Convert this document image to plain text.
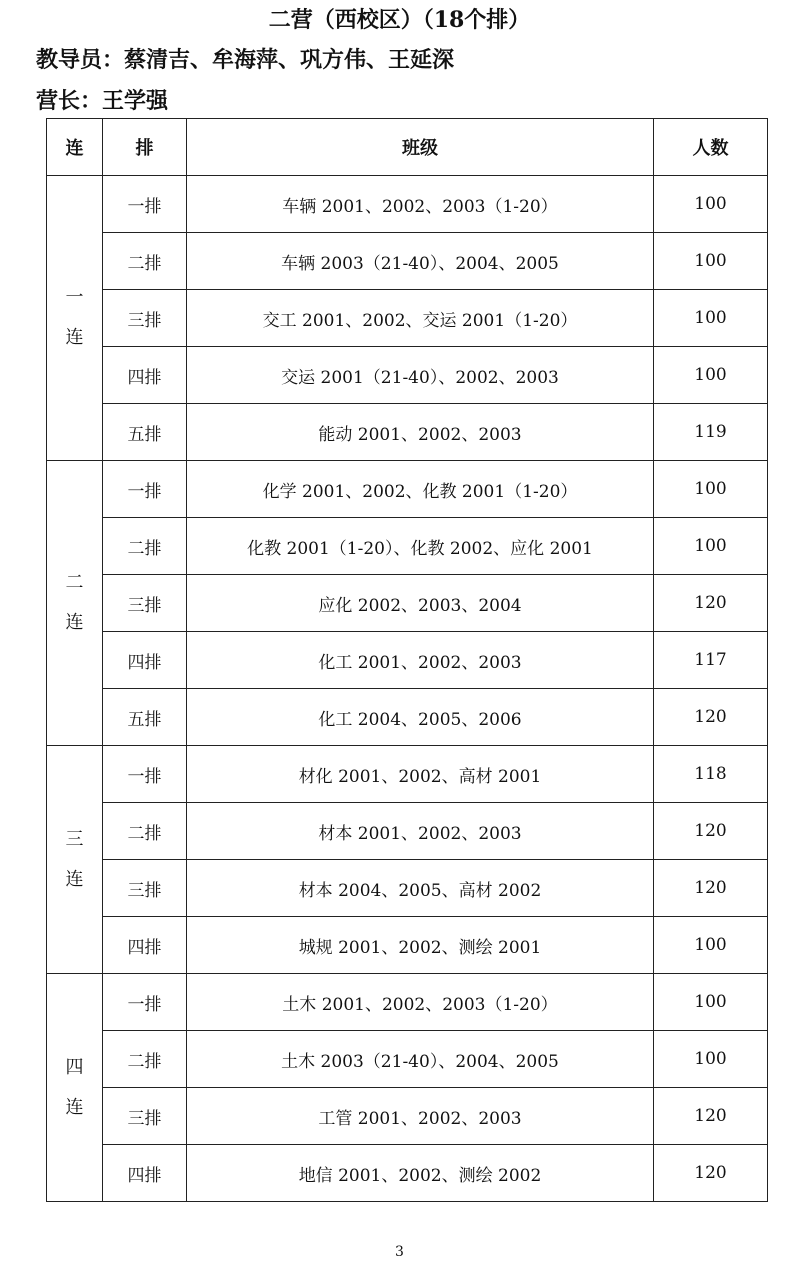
二营（西校区）（18个排）
教导员：蔡清吉、牟海萍、巩方伟、王延深
营长：王学强
连	排	班级	人数

一
连	一排	车辆 2001、2002、2003（1-20）	100
	二排	车辆 2003（21-40）、2004、2005	100
	三排	交工 2001、2002、交运 2001（1-20）	100
	四排	交运 2001（21-40）、2002、2003	100
	五排	能动 2001、2002、2003	119

二
连	一排	化学 2001、2002、化教 2001（1-20）	100
	二排	化教 2001（1-20）、化教 2002、应化 2001	100
	三排	应化 2002、2003、2004	120
	四排	化工 2001、2002、2003	117
	五排	化工 2004、2005、2006	120

三
连	一排	材化 2001、2002、高材 2001	118
	二排	材本 2001、2002、2003	120
	三排	材本 2004、2005、高材 2002	120
	四排	城规 2001、2002、测绘 2001	100

四
连	一排	土木 2001、2002、2003（1-20）	100
	二排	土木 2003（21-40）、2004、2005	100
	三排	工管 2001、2002、2003	120
	四排	地信 2001、2002、测绘 2002	120
3
